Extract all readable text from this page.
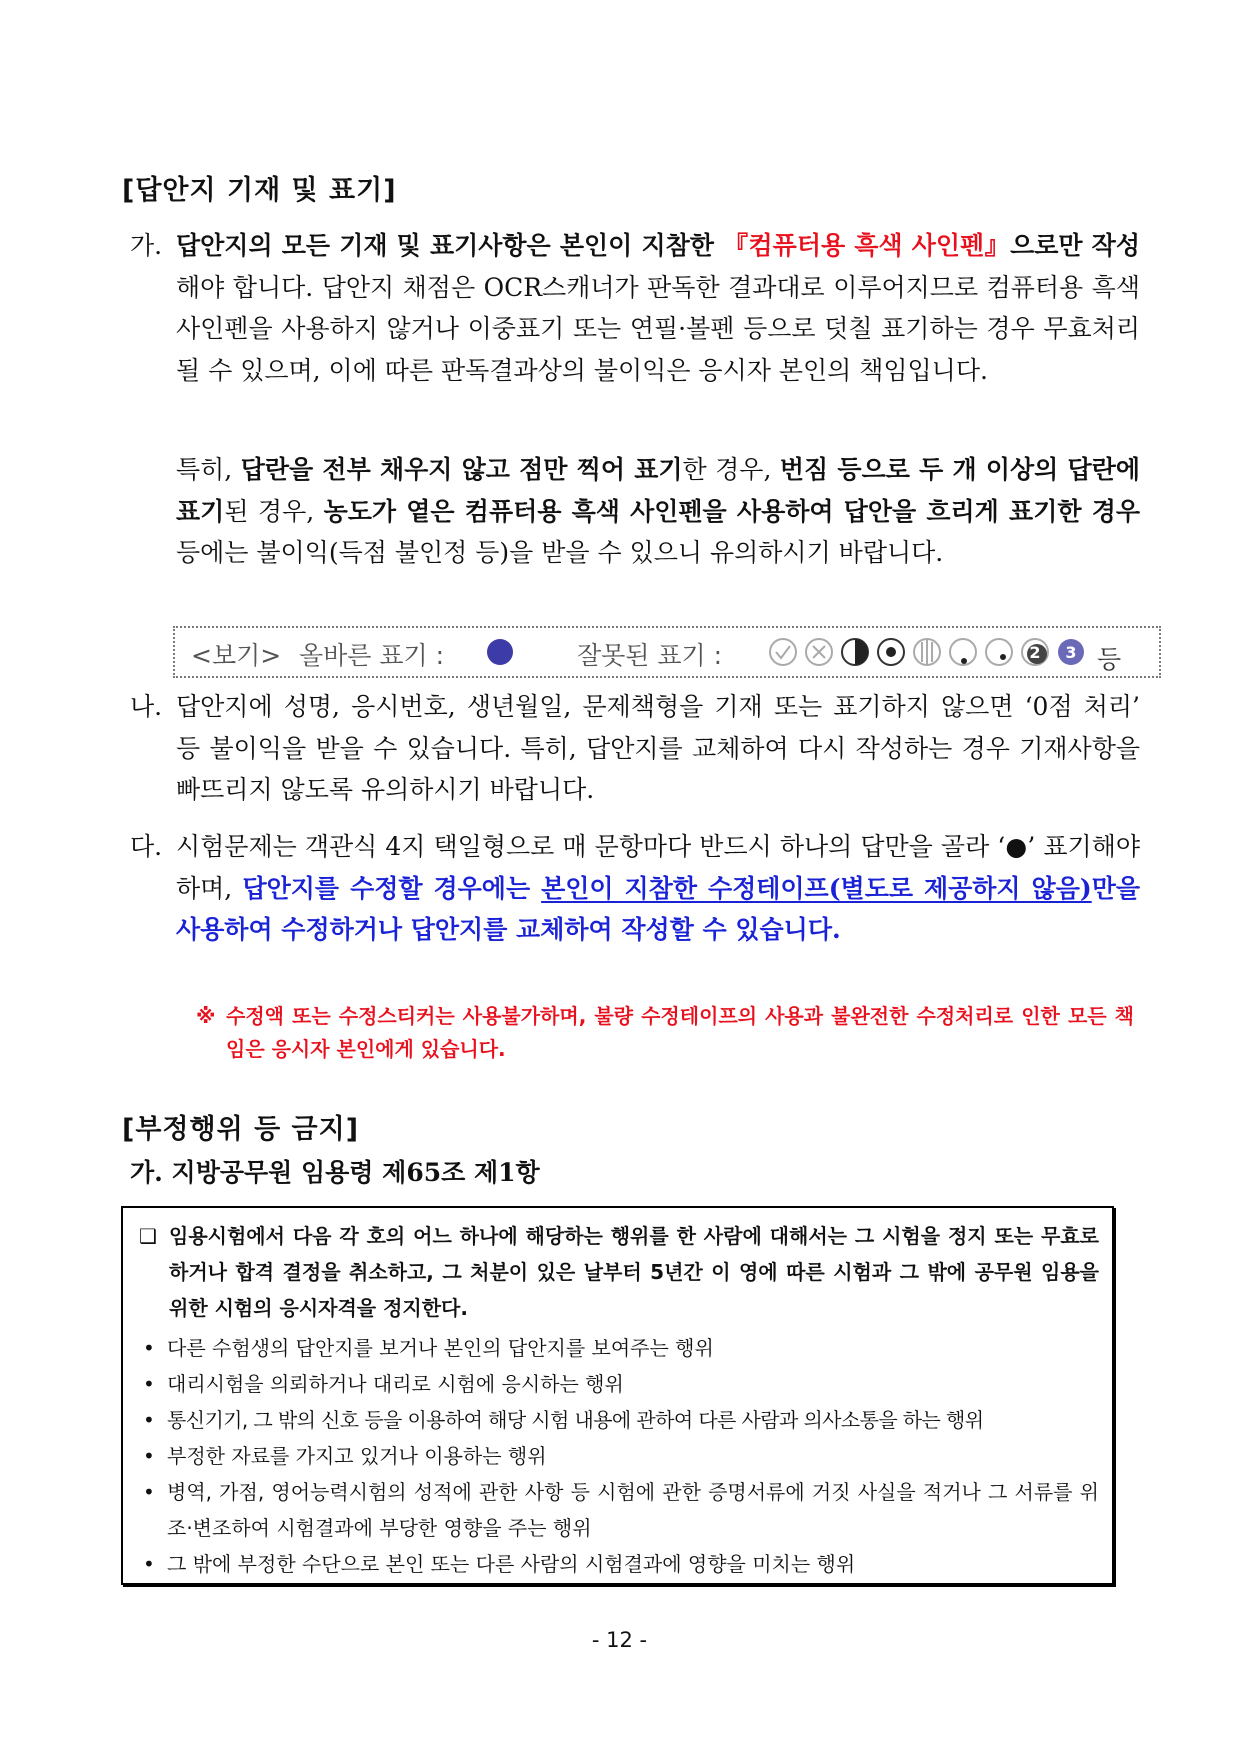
[답안지 기재 및 표기]
가. 답안지의 모든 기재 및 표기사항은 본인이 지참한 『컴퓨터용 흑색 사인펜』으로만 작성해야 합니다. 답안지 채점은 OCR스캐너가 판독한 결과대로 이루어지므로 컴퓨터용 흑색 사인펜을 사용하지 않거나 이중표기 또는 연필·볼펜 등으로 덧칠 표기하는 경우 무효처리 될 수 있으며, 이에 따른 판독결과상의 불이익은 응시자 본인의 책임입니다.
특히, 답란을 전부 채우지 않고 점만 찍어 표기한 경우, 번짐 등으로 두 개 이상의 답란에 표기된 경우, 농도가 옅은 컴퓨터용 흑색 사인펜을 사용하여 답안을 흐리게 표기한 경우 등에는 불이익(득점 불인정 등)을 받을 수 있으니 유의하시기 바랍니다.
<보기> 올바른 표기 :	잘못된 표기 :	2 3 등
나. 답안지에 성명, 응시번호, 생년월일, 문제책형을 기재 또는 표기하지 않으면 ‘0점 처리’ 등 불이익을 받을 수 있습니다. 특히, 답안지를 교체하여 다시 작성하는 경우 기재사항을 빠뜨리지 않도록 유의하시기 바랍니다.
다. 시험문제는 객관식 4지 택일형으로 매 문항마다 반드시 하나의 답만을 골라 ‘●’ 표기해야 하며, 답안지를 수정할 경우에는 본인이 지참한 수정테이프(별도로 제공하지 않음)만을 사용하여 수정하거나 답안지를 교체하여 작성할 수 있습니다.
※ 수정액 또는 수정스티커는 사용불가하며, 불량 수정테이프의 사용과 불완전한 수정처리로 인한 모든 책임은 응시자 본인에게 있습니다.
[부정행위 등 금지]
가. 지방공무원 임용령 제65조 제1항
❑ 임용시험에서 다음 각 호의 어느 하나에 해당하는 행위를 한 사람에 대해서는 그 시험을 정지 또는 무효로 하거나 합격 결정을 취소하고, 그 처분이 있은 날부터 5년간 이 영에 따른 시험과 그 밖에 공무원 임용을 위한 시험의 응시자격을 정지한다.
• 다른 수험생의 답안지를 보거나 본인의 답안지를 보여주는 행위
• 대리시험을 의뢰하거나 대리로 시험에 응시하는 행위
• 통신기기, 그 밖의 신호 등을 이용하여 해당 시험 내용에 관하여 다른 사람과 의사소통을 하는 행위
• 부정한 자료를 가지고 있거나 이용하는 행위
• 병역, 가점, 영어능력시험의 성적에 관한 사항 등 시험에 관한 증명서류에 거짓 사실을 적거나 그 서류를 위조·변조하여 시험결과에 부당한 영향을 주는 행위
• 그 밖에 부정한 수단으로 본인 또는 다른 사람의 시험결과에 영향을 미치는 행위
- 12 -
